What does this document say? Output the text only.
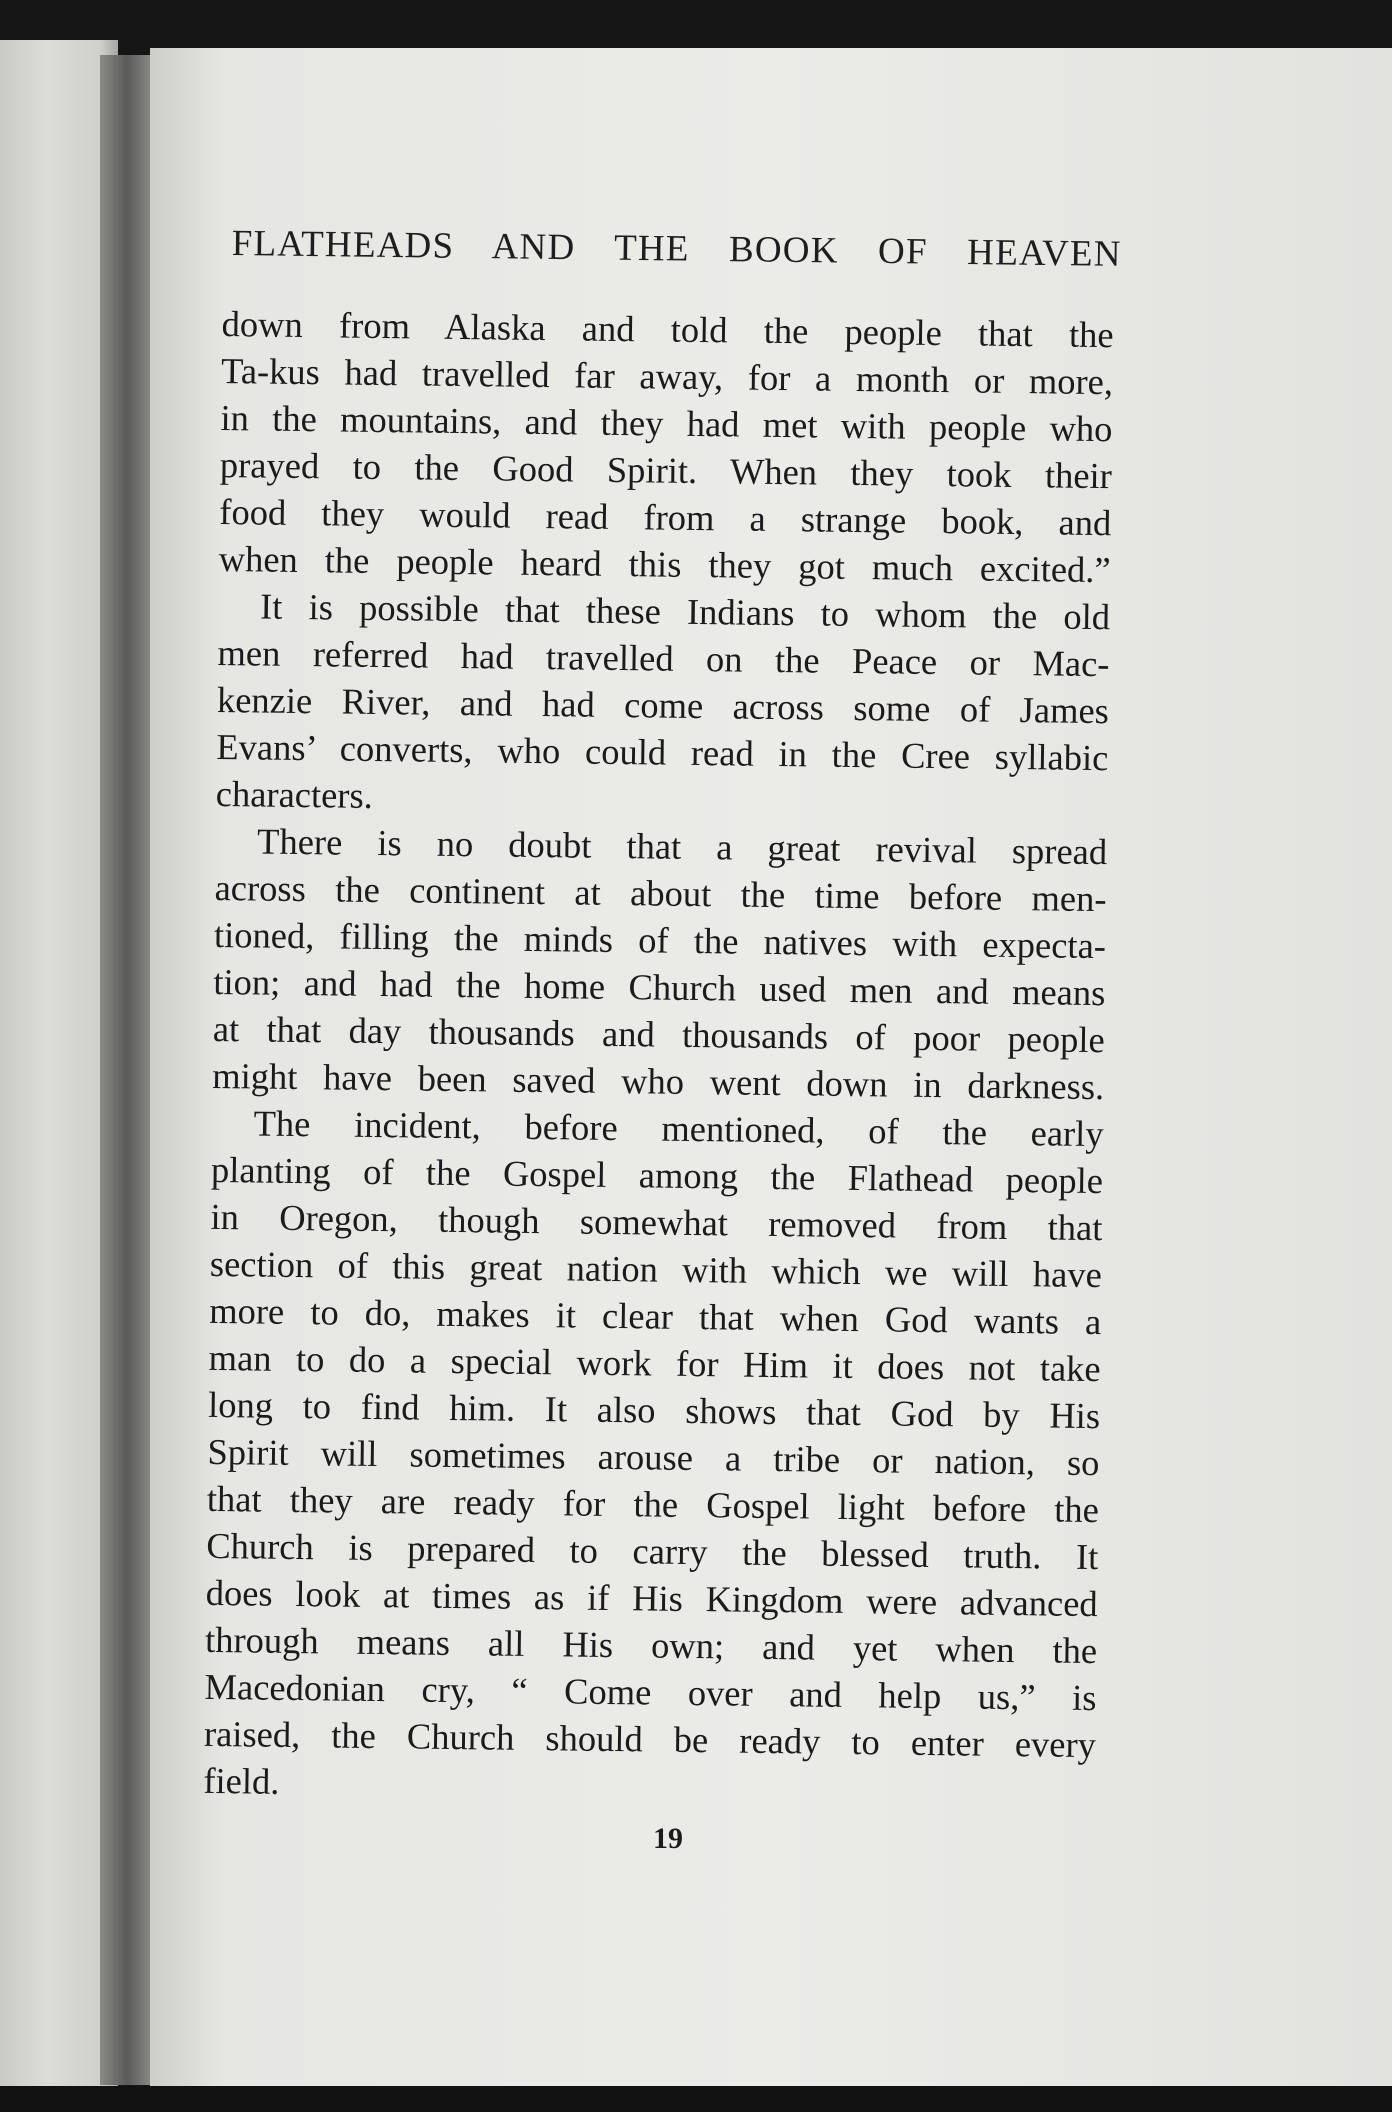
FLATHEADS AND THE BOOK OF HEAVEN
down from Alaska and told the people that the
Ta-kus had travelled far away, for a month or more,
in the mountains, and they had met with people who
prayed to the Good Spirit. When they took their
food they would read from a strange book, and
when the people heard this they got much excited.”
It is possible that these Indians to whom the old
men referred had travelled on the Peace or Mac-
kenzie River, and had come across some of James
Evans’ converts, who could read in the Cree syllabic
characters.
There is no doubt that a great revival spread
across the continent at about the time before men-
tioned, filling the minds of the natives with expecta-
tion; and had the home Church used men and means
at that day thousands and thousands of poor people
might have been saved who went down in darkness.
The incident, before mentioned, of the early
planting of the Gospel among the Flathead people
in Oregon, though somewhat removed from that
section of this great nation with which we will have
more to do, makes it clear that when God wants a
man to do a special work for Him it does not take
long to find him. It also shows that God by His
Spirit will sometimes arouse a tribe or nation, so
that they are ready for the Gospel light before the
Church is prepared to carry the blessed truth. It
does look at times as if His Kingdom were advanced
through means all His own; and yet when the
Macedonian cry, “ Come over and help us,” is
raised, the Church should be ready to enter every
field.
19
